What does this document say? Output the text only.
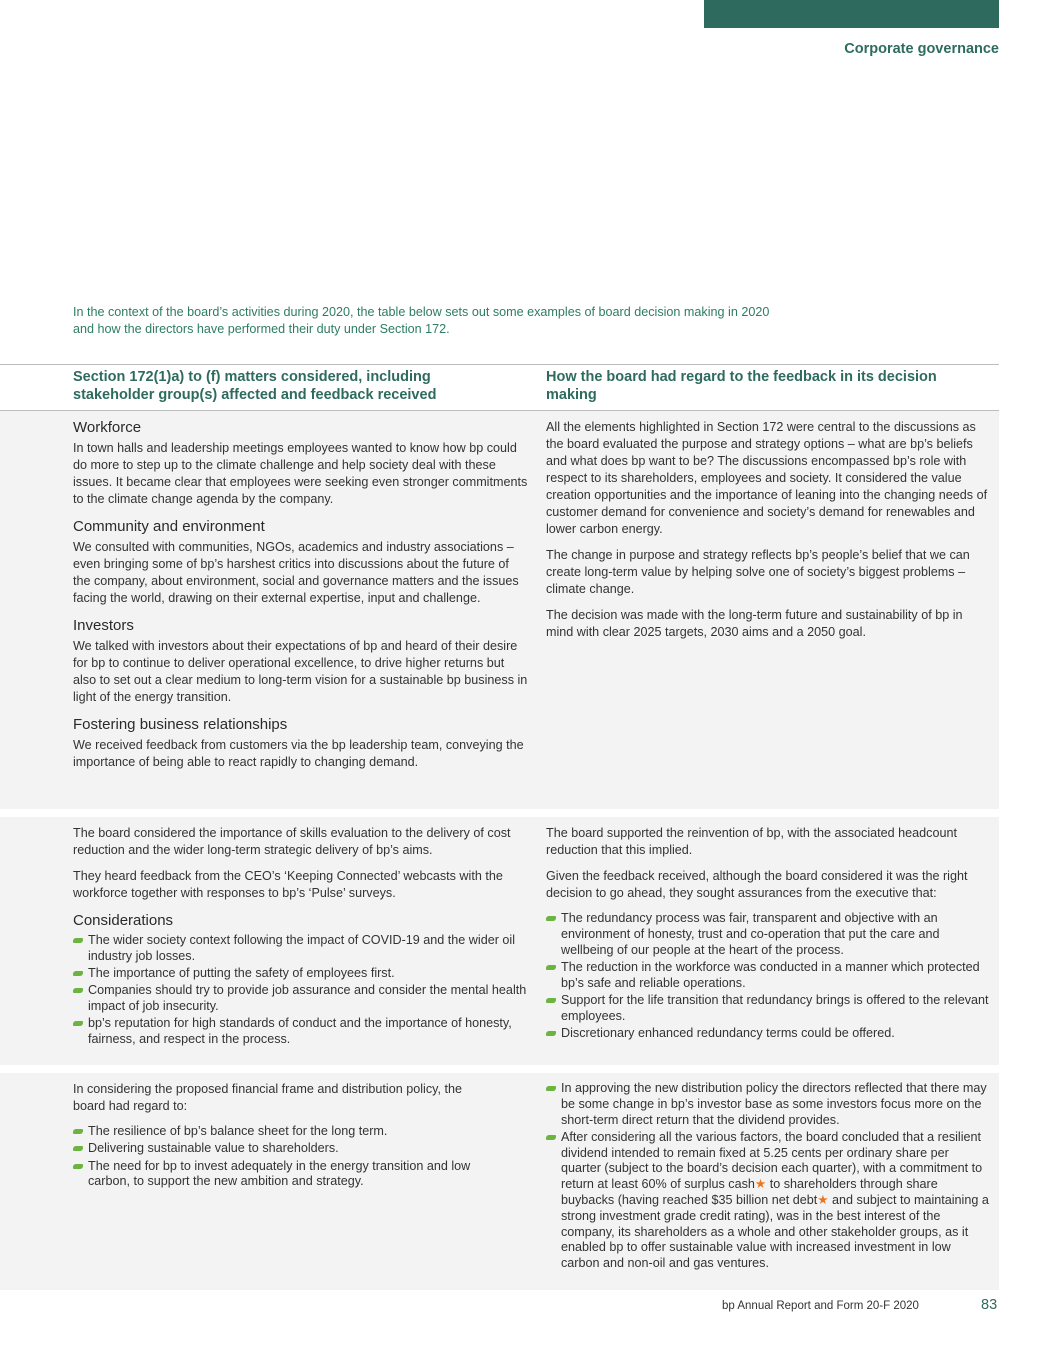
Corporate governance
In the context of the board’s activities during 2020, the table below sets out some examples of board decision making in 2020 and how the directors have performed their duty under Section 172.
Section 172(1)a) to (f) matters considered, including stakeholder group(s) affected and feedback received
How the board had regard to the feedback in its decision making
Workforce

In town halls and leadership meetings employees wanted to know how bp could do more to step up to the climate challenge and help society deal with these issues. It became clear that employees were seeking even stronger commitments to the climate change agenda by the company.

Community and environment

We consulted with communities, NGOs, academics and industry associations – even bringing some of bp’s harshest critics into discussions about the future of the company, about environment, social and governance matters and the issues facing the world, drawing on their external expertise, input and challenge.

Investors

We talked with investors about their expectations of bp and heard of their desire for bp to continue to deliver operational excellence, to drive higher returns but also to set out a clear medium to long-term vision for a sustainable bp business in light of the energy transition.

Fostering business relationships

We received feedback from customers via the bp leadership team, conveying the importance of being able to react rapidly to changing demand.

All the elements highlighted in Section 172 were central to the discussions as the board evaluated the purpose and strategy options – what are bp’s beliefs and what does bp want to be? The discussions encompassed bp’s role with respect to its shareholders, employees and society. It considered the value creation opportunities and the importance of leaning into the changing needs of customer demand for convenience and society’s demand for renewables and lower carbon energy.

The change in purpose and strategy reflects bp’s people’s belief that we can create long-term value by helping solve one of society’s biggest problems – climate change.

The decision was made with the long-term future and sustainability of bp in mind with clear 2025 targets, 2030 aims and a 2050 goal.

The board considered the importance of skills evaluation to the delivery of cost reduction and the wider long-term strategic delivery of bp’s aims.

They heard feedback from the CEO’s ‘Keeping Connected’ webcasts with the workforce together with responses to bp’s ‘Pulse’ surveys.

Considerations
The wider society context following the impact of COVID-19 and the wider oil industry job losses.
The importance of putting the safety of employees first.
Companies should try to provide job assurance and consider the mental health impact of job insecurity.
bp’s reputation for high standards of conduct and the importance of honesty, fairness, and respect in the process.

The board supported the reinvention of bp, with the associated headcount reduction that this implied.

Given the feedback received, although the board considered it was the right decision to go ahead, they sought assurances from the executive that:

The redundancy process was fair, transparent and objective with an environment of honesty, trust and co-operation that put the care and wellbeing of our people at the heart of the process.
The reduction in the workforce was conducted in a manner which protected bp’s safe and reliable operations.
Support for the life transition that redundancy brings is offered to the relevant employees.
Discretionary enhanced redundancy terms could be offered.

In considering the proposed financial frame and distribution policy, the board had regard to:

The resilience of bp’s balance sheet for the long term.
Delivering sustainable value to shareholders.
The need for bp to invest adequately in the energy transition and low carbon, to support the new ambition and strategy.
In approving the new distribution policy the directors reflected that there may be some change in bp’s investor base as some investors focus more on the short-term direct return that the dividend provides.
After considering all the various factors, the board concluded that a resilient dividend intended to remain fixed at 5.25 cents per ordinary share per quarter (subject to the board’s decision each quarter), with a commitment to return at least 60% of surplus cash★ to shareholders through share buybacks (having reached $35 billion net debt★ and subject to maintaining a strong investment grade credit rating), was in the best interest of the company, its shareholders as a whole and other stakeholder groups, as it enabled bp to offer sustainable value with increased investment in low carbon and non-oil and gas ventures.
bp Annual Report and Form 20-F 2020	83
